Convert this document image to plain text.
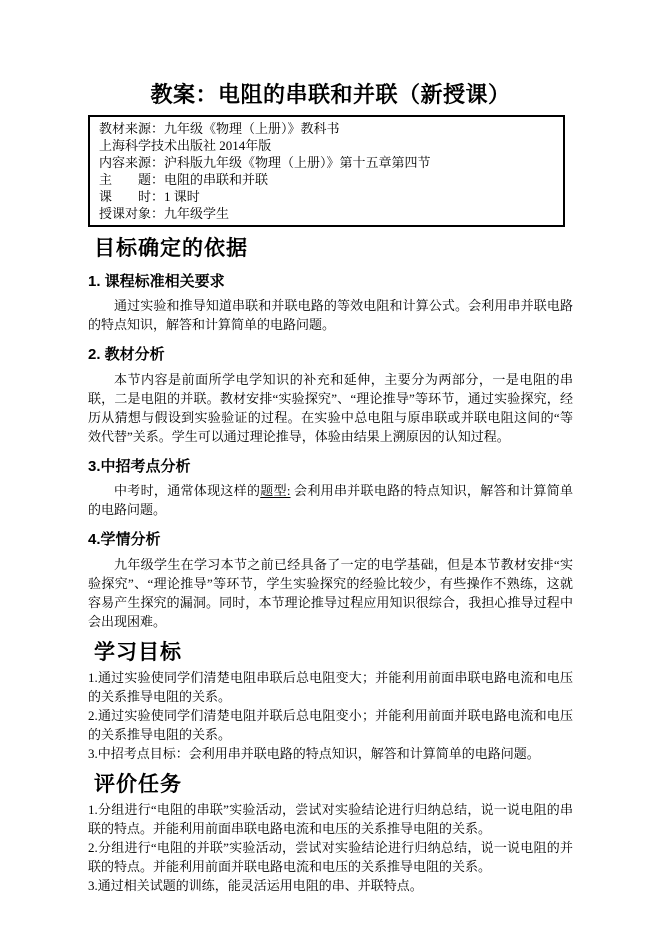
教案：电阻的串联和并联（新授课）
教材来源：九年级《物理（上册）》教科书
上海科学技术出版社 2014年版
内容来源：沪科版九年级《物理（上册）》第十五章第四节
主　　题：电阻的串联和并联
课　　时：1 课时
授课对象：九年级学生
目标确定的依据
1. 课程标准相关要求

通过实验和推导知道串联和并联电路的等效电阻和计算公式。会利用串并联电路的特点知识，解答和计算简单的电路问题。

2. 教材分析

本节内容是前面所学电学知识的补充和延伸，主要分为两部分，一是电阻的串联，二是电阻的并联。教材安排“实验探究”、“理论推导”等环节，通过实验探究，经历从猜想与假设到实验验证的过程。在实验中总电阻与原串联或并联电阻这间的“等效代替”关系。学生可以通过理论推导，体验由结果上溯原因的认知过程。

3.中招考点分析

中考时，通常体现这样的题型: 会利用串并联电路的特点知识，解答和计算简单的电路问题。

4.学情分析

九年级学生在学习本节之前已经具备了一定的电学基础，但是本节教材安排“实验探究”、“理论推导”等环节，学生实验探究的经验比较少，有些操作不熟练，这就容易产生探究的漏洞。同时，本节理论推导过程应用知识很综合，我担心推导过程中会出现困难。

学习目标

1.通过实验使同学们清楚电阻串联后总电阻变大；并能利用前面串联电路电流和电压的关系推导电阻的关系。

2.通过实验使同学们清楚电阻并联后总电阻变小；并能利用前面并联电路电流和电压的关系推导电阻的关系。

3.中招考点目标：会利用串并联电路的特点知识，解答和计算简单的电路问题。

评价任务

1.分组进行“电阻的串联”实验活动，尝试对实验结论进行归纳总结，说一说电阻的串联的特点。并能利用前面串联电路电流和电压的关系推导电阻的关系。

2.分组进行“电阻的并联”实验活动，尝试对实验结论进行归纳总结，说一说电阻的并联的特点。并能利用前面并联电路电流和电压的关系推导电阻的关系。

3.通过相关试题的训练，能灵活运用电阻的串、并联特点。
